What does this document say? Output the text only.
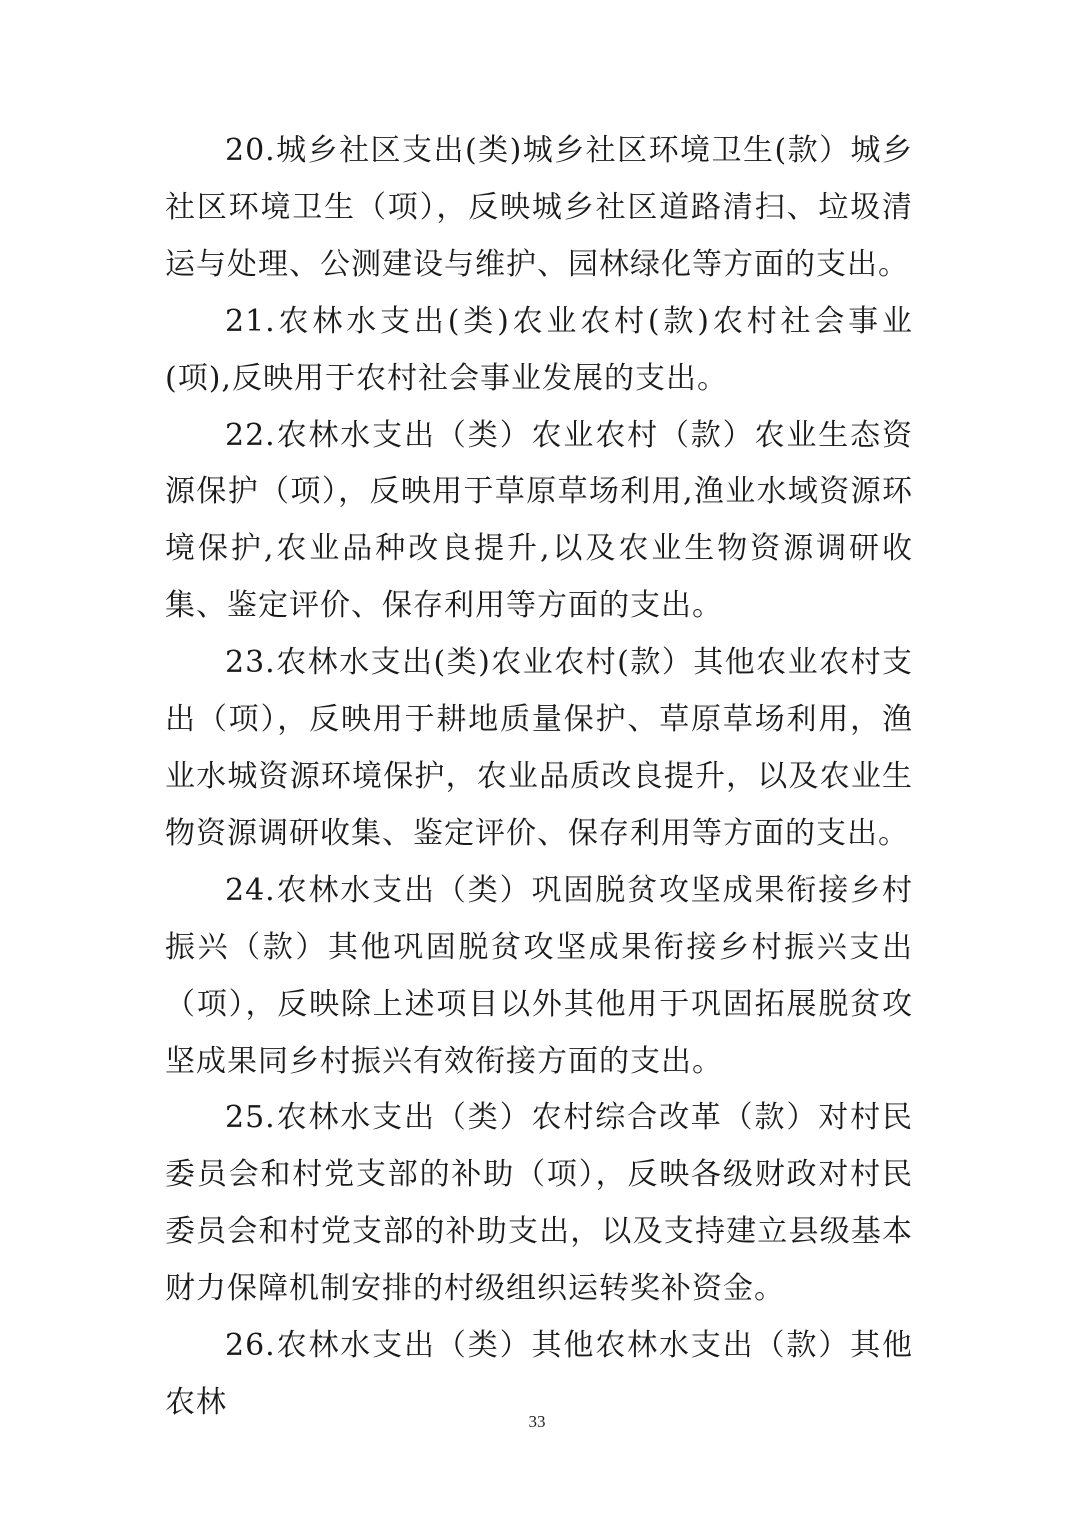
20.城乡社区支出(类)城乡社区环境卫生(款）城乡社区环境卫生（项），反映城乡社区道路清扫、垃圾清运与处理、公测建设与维护、园林绿化等方面的支出。

21.农林水支出(类)农业农村(款)农村社会事业(项),反映用于农村社会事业发展的支出。

22.农林水支出（类）农业农村（款）农业生态资源保护（项），反映用于草原草场利用,渔业水域资源环境保护,农业品种改良提升,以及农业生物资源调研收集、鉴定评价、保存利用等方面的支出。

23.农林水支出(类)农业农村(款）其他农业农村支出（项），反映用于耕地质量保护、草原草场利用，渔业水城资源环境保护，农业品质改良提升，以及农业生物资源调研收集、鉴定评价、保存利用等方面的支出。

24.农林水支出（类）巩固脱贫攻坚成果衔接乡村振兴（款）其他巩固脱贫攻坚成果衔接乡村振兴支出（项），反映除上述项目以外其他用于巩固拓展脱贫攻坚成果同乡村振兴有效衔接方面的支出。

25.农林水支出（类）农村综合改革（款）对村民委员会和村党支部的补助（项），反映各级财政对村民委员会和村党支部的补助支出，以及支持建立县级基本财力保障机制安排的村级组织运转奖补资金。

26.农林水支出（类）其他农林水支出（款）其他农林

33
